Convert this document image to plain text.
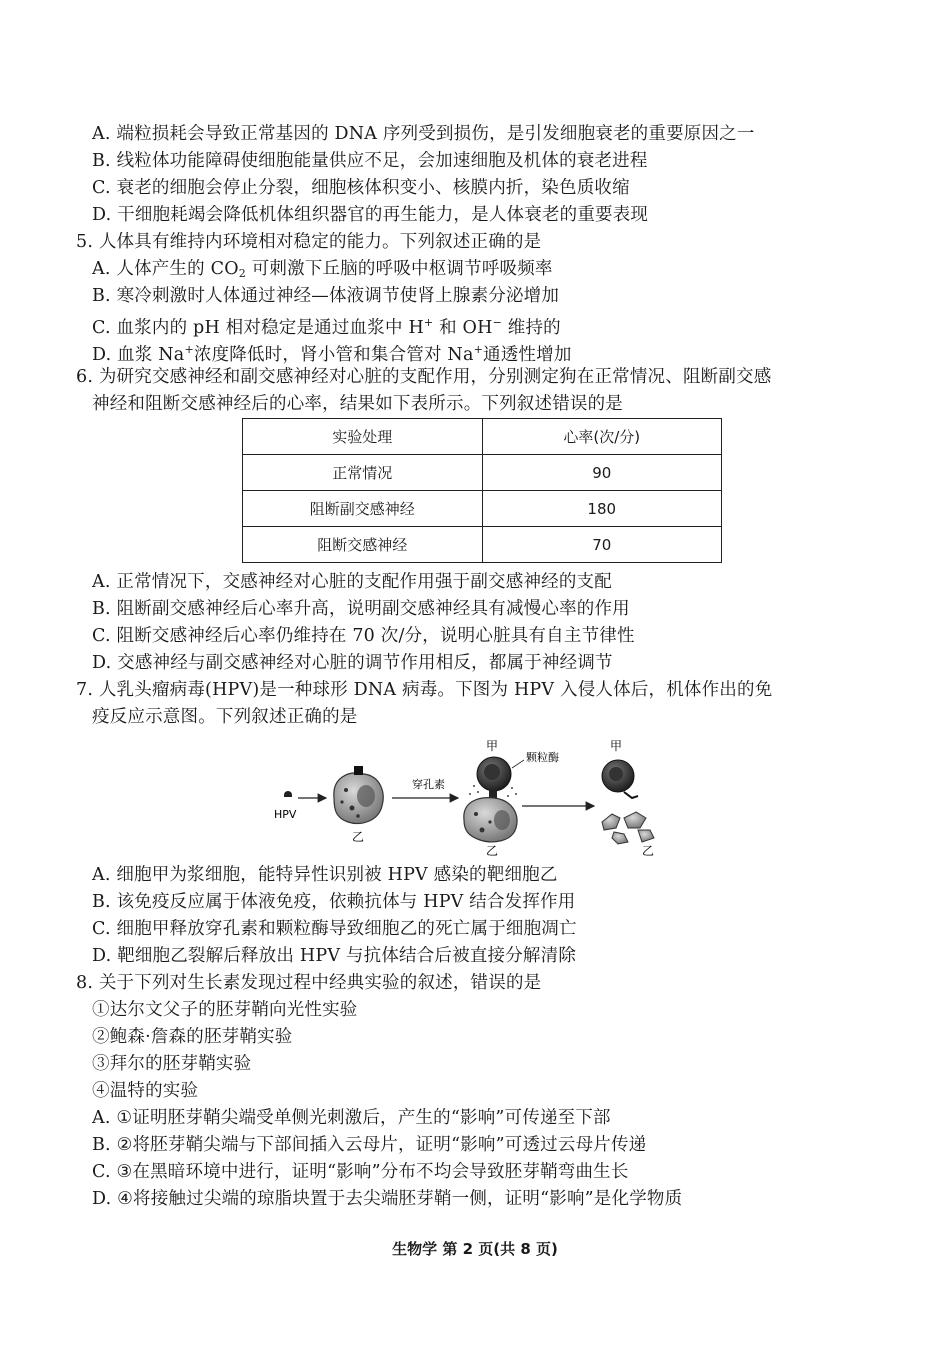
A. 端粒损耗会导致正常基因的 DNA 序列受到损伤，是引发细胞衰老的重要原因之一
B. 线粒体功能障碍使细胞能量供应不足，会加速细胞及机体的衰老进程
C. 衰老的细胞会停止分裂，细胞核体积变小、核膜内折，染色质收缩
D. 干细胞耗竭会降低机体组织器官的再生能力，是人体衰老的重要表现
5. 人体具有维持内环境相对稳定的能力。下列叙述正确的是
A. 人体产生的 $CO_2$ 可刺激下丘脑的呼吸中枢调节呼吸频率
B. 寒冷刺激时人体通过神经—体液调节使肾上腺素分泌增加
C. 血浆内的 pH 相对稳定是通过血浆中 H+ 和 OH− 维持的
D. 血浆 Na+浓度降低时，肾小管和集合管对 Na+通透性增加
6. 为研究交感神经和副交感神经对心脏的支配作用，分别测定狗在正常情况、阻断副交感
神经和阻断交感神经后的心率，结果如下表所示。下列叙述错误的是
实验处理	心率(次/分)
正常情况	90
阻断副交感神经	180
阻断交感神经	70
A. 正常情况下，交感神经对心脏的支配作用强于副交感神经的支配
B. 阻断副交感神经后心率升高，说明副交感神经具有减慢心率的作用
C. 阻断交感神经后心率仍维持在 70 次/分，说明心脏具有自主节律性
D. 交感神经与副交感神经对心脏的调节作用相反，都属于神经调节
7. 人乳头瘤病毒(HPV)是一种球形 DNA 病毒。下图为 HPV 入侵人体后，机体作出的免
疫反应示意图。下列叙述正确的是
HPV
乙
穿孔素
甲
颗粒酶
乙
甲
乙
A. 细胞甲为浆细胞，能特异性识别被 HPV 感染的靶细胞乙
B. 该免疫反应属于体液免疫，依赖抗体与 HPV 结合发挥作用
C. 细胞甲释放穿孔素和颗粒酶导致细胞乙的死亡属于细胞凋亡
D. 靶细胞乙裂解后释放出 HPV 与抗体结合后被直接分解清除
8. 关于下列对生长素发现过程中经典实验的叙述，错误的是
①达尔文父子的胚芽鞘向光性实验
②鲍森·詹森的胚芽鞘实验
③拜尔的胚芽鞘实验
④温特的实验
A. ①证明胚芽鞘尖端受单侧光刺激后，产生的“影响”可传递至下部
B. ②将胚芽鞘尖端与下部间插入云母片，证明“影响”可透过云母片传递
C. ③在黑暗环境中进行，证明“影响”分布不均会导致胚芽鞘弯曲生长
D. ④将接触过尖端的琼脂块置于去尖端胚芽鞘一侧，证明“影响”是化学物质
生物学 第 2 页(共 8 页)
